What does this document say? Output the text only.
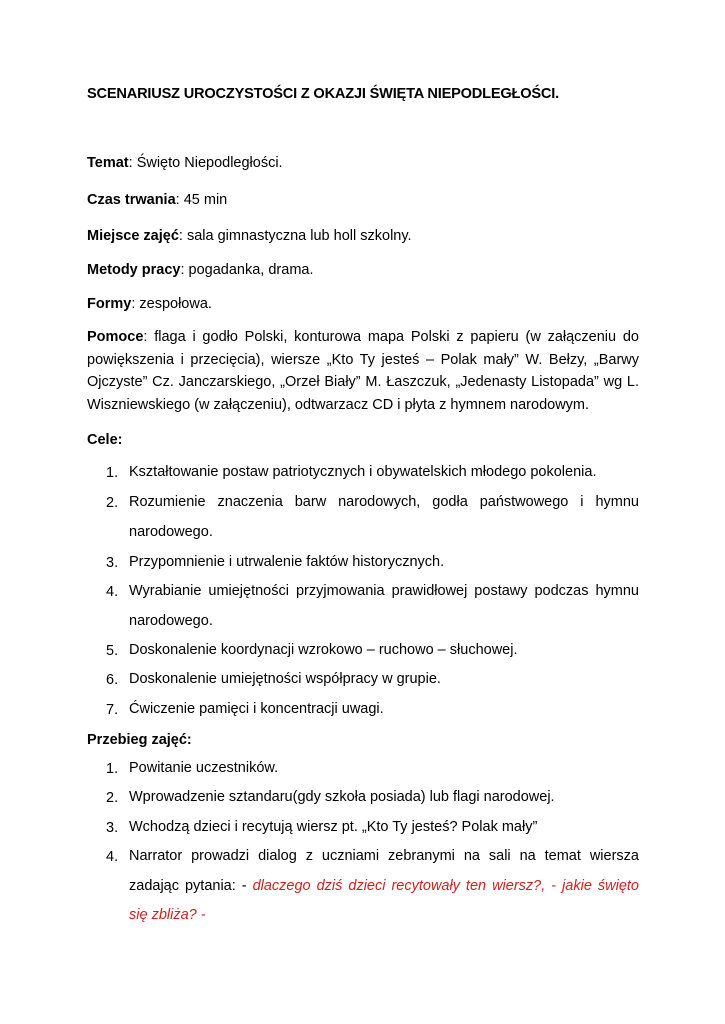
SCENARIUSZ UROCZYSTOŚCI Z OKAZJI ŚWIĘTA NIEPODLEGŁOŚCI.
Temat: Święto Niepodległości.
Czas trwania: 45 min
Miejsce zajęć: sala gimnastyczna lub holl szkolny.
Metody pracy: pogadanka, drama.
Formy: zespołowa.
Pomoce: flaga i godło Polski, konturowa mapa Polski z papieru (w załączeniu do powiększenia i przecięcia), wiersze „Kto Ty jesteś – Polak mały” W. Bełzy, „Barwy Ojczyste” Cz. Janczarskiego, „Orzeł Biały” M. Łaszczuk, „Jedenasty Listopada” wg L. Wiszniewskiego (w załączeniu), odtwarzacz CD i płyta z hymnem narodowym.
Cele:
1. Kształtowanie postaw patriotycznych i obywatelskich młodego pokolenia.
2. Rozumienie znaczenia barw narodowych, godła państwowego i hymnu narodowego.
3. Przypomnienie i utrwalenie faktów historycznych.
4. Wyrabianie umiejętności przyjmowania prawidłowej postawy podczas hymnu narodowego.
5. Doskonalenie koordynacji wzrokowo – ruchowo – słuchowej.
6. Doskonalenie umiejętności współpracy w grupie.
7. Ćwiczenie pamięci i koncentracji uwagi.
Przebieg zajęć:
1. Powitanie uczestników.
2. Wprowadzenie sztandaru(gdy szkoła posiada) lub flagi narodowej.
3. Wchodzą dzieci i recytują wiersz pt. „Kto Ty jesteś? Polak mały”
4. Narrator prowadzi dialog z uczniami zebranymi na sali na temat wiersza zadając pytania: - dlaczego dziś dzieci recytowały ten wiersz?, - jakie święto się zbliża? -
